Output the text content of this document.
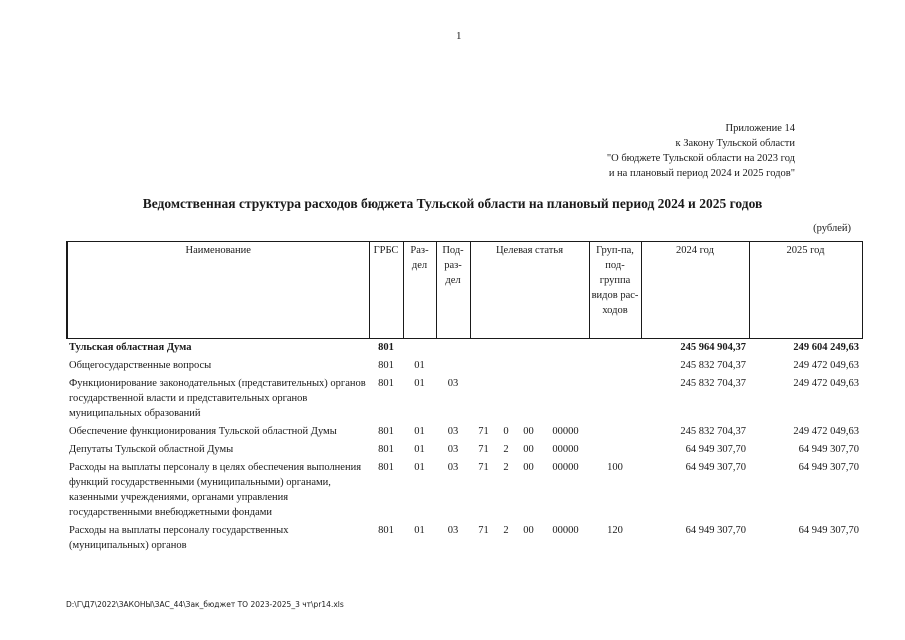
1
Приложение 14
к Закону Тульской области
"О бюджете Тульской области на 2023 год
и на плановый период 2024 и 2025 годов"
Ведомственная структура расходов бюджета Тульской области на плановый период 2024 и 2025 годов
(рублей)
Наименование	ГРБС	Раз-дел	Под-раз-дел	Целевая статья				Груп-па, под-группа видов рас-ходов	2024 год	2025 год
Тульская областная Дума	801								245 964 904,37	249 604 249,63
Общегосударственные вопросы	801	01							245 832 704,37	249 472 049,63
Функционирование законодательных (представительных) органов государственной власти и представительных органов муниципальных образований	801	01	03						245 832 704,37	249 472 049,63
Обеспечение функционирования Тульской областной Думы	801	01	03	71	0	00	00000		245 832 704,37	249 472 049,63
Депутаты Тульской областной Думы	801	01	03	71	2	00	00000		64 949 307,70	64 949 307,70
Расходы на выплаты персоналу в целях обеспечения выполнения функций государственными (муниципальными) органами, казенными учреждениями, органами управления государственными внебюджетными фондами	801	01	03	71	2	00	00000	100	64 949 307,70	64 949 307,70
Расходы на выплаты персоналу государственных (муниципальных) органов	801	01	03	71	2	00	00000	120	64 949 307,70	64 949 307,70
D:\Г\Д7\2022\ЗАКОНЫ\ЗАС_44\Зак_бюджет ТО 2023-2025_3 чт\pr14.xls
